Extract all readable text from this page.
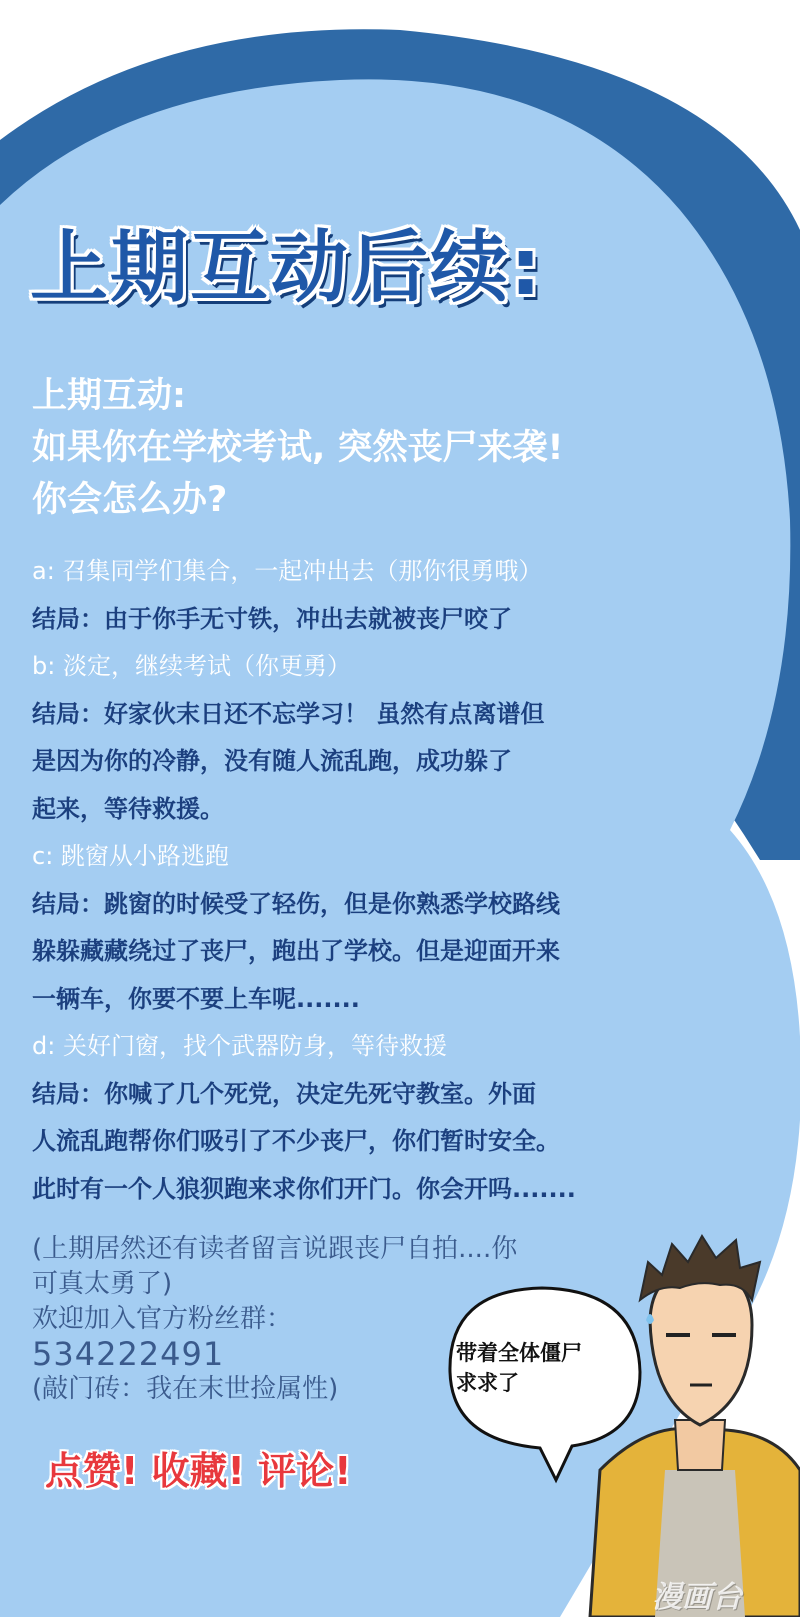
上期互动后续:
上期互动:
如果你在学校考试, 突然丧尸来袭!
你会怎么办?
a: 召集同学们集合，一起冲出去（那你很勇哦）
结局：由于你手无寸铁，冲出去就被丧尸咬了
b: 淡定，继续考试（你更勇）
结局：好家伙末日还不忘学习！ 虽然有点离谱但
是因为你的冷静，没有随人流乱跑，成功躲了
起来，等待救援。
c: 跳窗从小路逃跑
结局：跳窗的时候受了轻伤，但是你熟悉学校路线
躲躲藏藏绕过了丧尸，跑出了学校。但是迎面开来
一辆车，你要不要上车呢.......
d: 关好门窗，找个武器防身，等待救援
结局：你喊了几个死党，决定先死守教室。外面
人流乱跑帮你们吸引了不少丧尸，你们暂时安全。
此时有一个人狼狈跑来求你们开门。你会开吗.......
(上期居然还有读者留言说跟丧尸自拍....你
可真太勇了)
欢迎加入官方粉丝群：
534222491
(敲门砖：我在末世捡属性)
点赞! 收藏! 评论!
带着全体僵尸
求求了
漫画台
